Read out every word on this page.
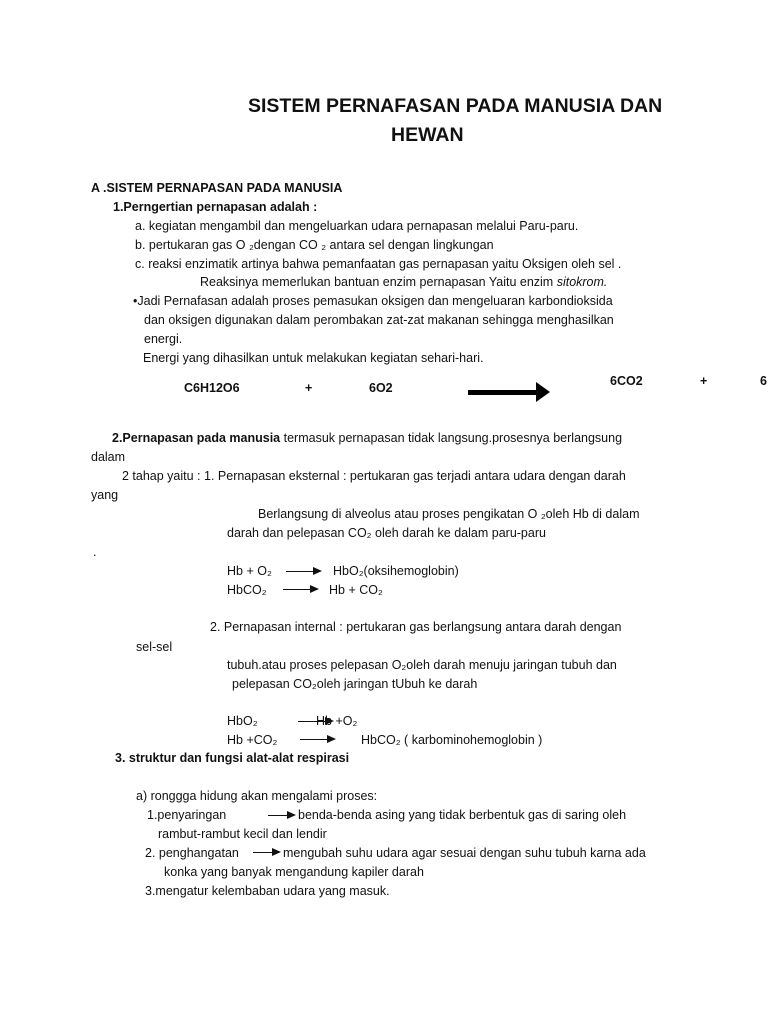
SISTEM PERNAFASAN PADA MANUSIA DAN
HEWAN
A .SISTEM PERNAPASAN PADA MANUSIA
1.Perngertian pernapasan adalah :
a. kegiatan mengambil dan mengeluarkan udara pernapasan melalui Paru-paru.
b. pertukaran gas O ₂dengan CO ₂ antara sel dengan lingkungan
c. reaksi enzimatik artinya bahwa pemanfaatan gas pernapasan yaitu Oksigen oleh sel .
Reaksinya memerlukan bantuan enzim pernapasan Yaitu enzim sitokrom.
•Jadi Pernafasan adalah proses pemasukan oksigen dan mengeluaran karbondioksida
dan oksigen digunakan dalam perombakan zat-zat makanan sehingga menghasilkan
energi.
Energi yang dihasilkan untuk melakukan kegiatan sehari-hari.
C6H12O6	+	6O2	6CO2	+	6
2.Pernapasan pada manusia termasuk pernapasan tidak langsung.prosesnya berlangsung
dalam
2 tahap yaitu : 1. Pernapasan eksternal : pertukaran gas terjadi antara udara dengan darah
yang
Berlangsung di alveolus atau proses pengikatan O ₂oleh Hb di dalam
darah dan pelepasan CO₂ oleh darah ke dalam paru-paru
.
Hb + O₂ → HbO₂(oksihemoglobin)
HbCO₂ → Hb + CO₂
2. Pernapasan internal : pertukaran gas berlangsung antara darah dengan
sel-sel
tubuh.atau proses pelepasan O₂oleh darah menuju jaringan tubuh dan
pelepasan CO₂oleh jaringan tUbuh ke darah
HbO₂	Hb +O₂
Hb +CO₂	HbCO₂ ( karbominohemoglobin )
3. struktur dan fungsi alat-alat respirasi
a) ronggga hidung akan mengalami proses:
1.penyaringan	benda-benda asing yang tidak berbentuk gas di saring oleh
rambut-rambut kecil dan lendir
2. penghangatan	mengubah suhu udara agar sesuai dengan suhu tubuh karna ada
konka yang banyak mengandung kapiler darah
3.mengatur kelembaban udara yang masuk.
